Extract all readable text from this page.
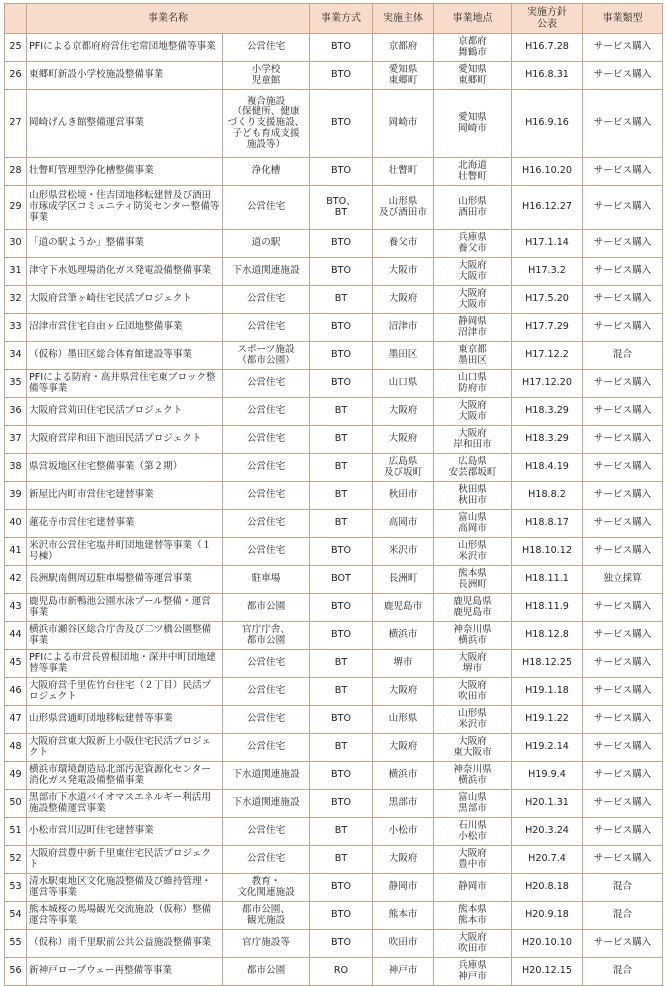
	事業名称		事業方式	実施主体	事業地点	実施方針
公表	事業類型
25	PFIによる京都府府営住宅常団地整備等事業	公営住宅	BTO	京都府	京都府
舞鶴市	H16.7.28	サービス購入
26	東郷町新設小学校施設整備事業	小学校
児童館	BTO	愛知県
東郷町	愛知県
東郷町	H16.8.31	サービス購入
27	岡崎げんき館整備運営事業	複合施設
（保健所、健康
づくり支援施設、
子ども育成支援
施設等）	BTO	岡崎市	愛知県
岡崎市	H16.9.16	サービス購入
28	壮瞥町管理型浄化槽整備事業	浄化槽	BTO	壮瞥町	北海道
壮瞥町	H16.10.20	サービス購入
29	山形県営松境・住吉団地移転建替及び酒田市琢成学区コミュニティ防災センター整備等事業	公営住宅	BTO、
BT	山形県
及び酒田市	山形県
酒田市	H16.12.27	サービス購入
30	「道の駅ようか」整備事業	道の駅	BTO	養父市	兵庫県
養父市	H17.1.14	サービス購入
31	津守下水処理場消化ガス発電設備整備事業	下水道関連施設	BTO	大阪市	大阪府
大阪市	H17.3.2	サービス購入
32	大阪府営筆ヶ崎住宅民活プロジェクト	公営住宅	BT	大阪府	大阪府
大阪市	H17.5.20	サービス購入
33	沼津市営住宅自由ヶ丘団地整備事業	公営住宅	BTO	沼津市	静岡県
沼津市	H17.7.29	サービス購入
34	（仮称）墨田区総合体育館建設等事業	スポーツ施設
（都市公園）	BTO	墨田区	東京都
墨田区	H17.12.2	混合
35	PFIによる防府・高井県営住宅東ブロック整備等事業	公営住宅	BTO	山口県	山口県
防府市	H17.12.20	サービス購入
36	大阪府営苅田住宅民活プロジェクト	公営住宅	BT	大阪府	大阪府
大阪市	H18.3.29	サービス購入
37	大阪府営岸和田下池田民活プロジェクト	公営住宅	BT	大阪府	大阪府
岸和田市	H18.3.29	サービス購入
38	県営坂地区住宅整備事業（第２期）	公営住宅	BT	広島県
及び坂町	広島県
安芸郡坂町	H18.4.19	サービス購入
39	新屋比内町市営住宅建替事業	公営住宅	BT	秋田市	秋田県
秋田市	H18.8.2	サービス購入
40	蓮花寺市営住宅建替事業	公営住宅	BT	高岡市	富山県
高岡市	H18.8.17	サービス購入
41	米沢市公営住宅塩井町団地建替等事業（１号棟）	公営住宅	BTO	米沢市	山形県
米沢市	H18.10.12	サービス購入
42	長洲駅南側周辺駐車場整備等運営事業	駐車場	BOT	長洲町	熊本県
長洲町	H18.11.1	独立採算
43	鹿児島市新鴨池公園水泳プール整備・運営事業	都市公園	BTO	鹿児島市	鹿児島県
鹿児島市	H18.11.9	サービス購入
44	横浜市瀬谷区総合庁舎及び二ツ橋公園整備事業	官庁庁舎、
都市公園	BTO	横浜市	神奈川県
横浜市	H18.12.8	サービス購入
45	PFIによる市営長曽根団地・深井中町団地建替等事業	公営住宅	BT	堺市	大阪府
堺市	H18.12.25	サービス購入
46	大阪府営千里佐竹台住宅（２丁目）民活プロジェクト	公営住宅	BT	大阪府	大阪府
吹田市	H19.1.18	サービス購入
47	山形県営通町団地移転建替等事業	公営住宅	BTO	山形県	山形県
米沢市	H19.1.22	サービス購入
48	大阪府営東大阪新上小阪住宅民活プロジェクト	公営住宅	BT	大阪府	大阪府
東大阪市	H19.2.14	サービス購入
49	横浜市環境創造局北部汚泥資源化センター消化ガス発電設備整備事業	下水道関連施設	BTO	横浜市	神奈川県
横浜市	H19.9.4	サービス購入
50	黒部市下水道バイオマスエネルギー利活用施設整備運営事業	下水道関連施設	BTO	黒部市	富山県
黒部市	H20.1.31	サービス購入
51	小松市営川辺町住宅建替事業	公営住宅	BT	小松市	石川県
小松市	H20.3.24	サービス購入
52	大阪府営豊中新千里東住宅民活プロジェクト	公営住宅	BT	大阪府	大阪府
豊中市	H20.7.4	サービス購入
53	清水駅東地区文化施設整備及び維持管理・運営等事業	教育・
文化関連施設	BTO	静岡市	静岡市	H20.8.18	混合
54	熊本城桜の馬場観光交流施設（仮称）整備運営等事業	都市公園、
観光施設	BTO	熊本市	熊本県
熊本市	H20.9.18	混合
55	（仮称）南千里駅前公共公益施設整備事業	官庁施設等	BTO	吹田市	大阪府
吹田市	H20.10.10	サービス購入
56	新神戸ロープウェー再整備等事業	都市公園	RO	神戸市	兵庫県
神戸市	H20.12.15	混合
